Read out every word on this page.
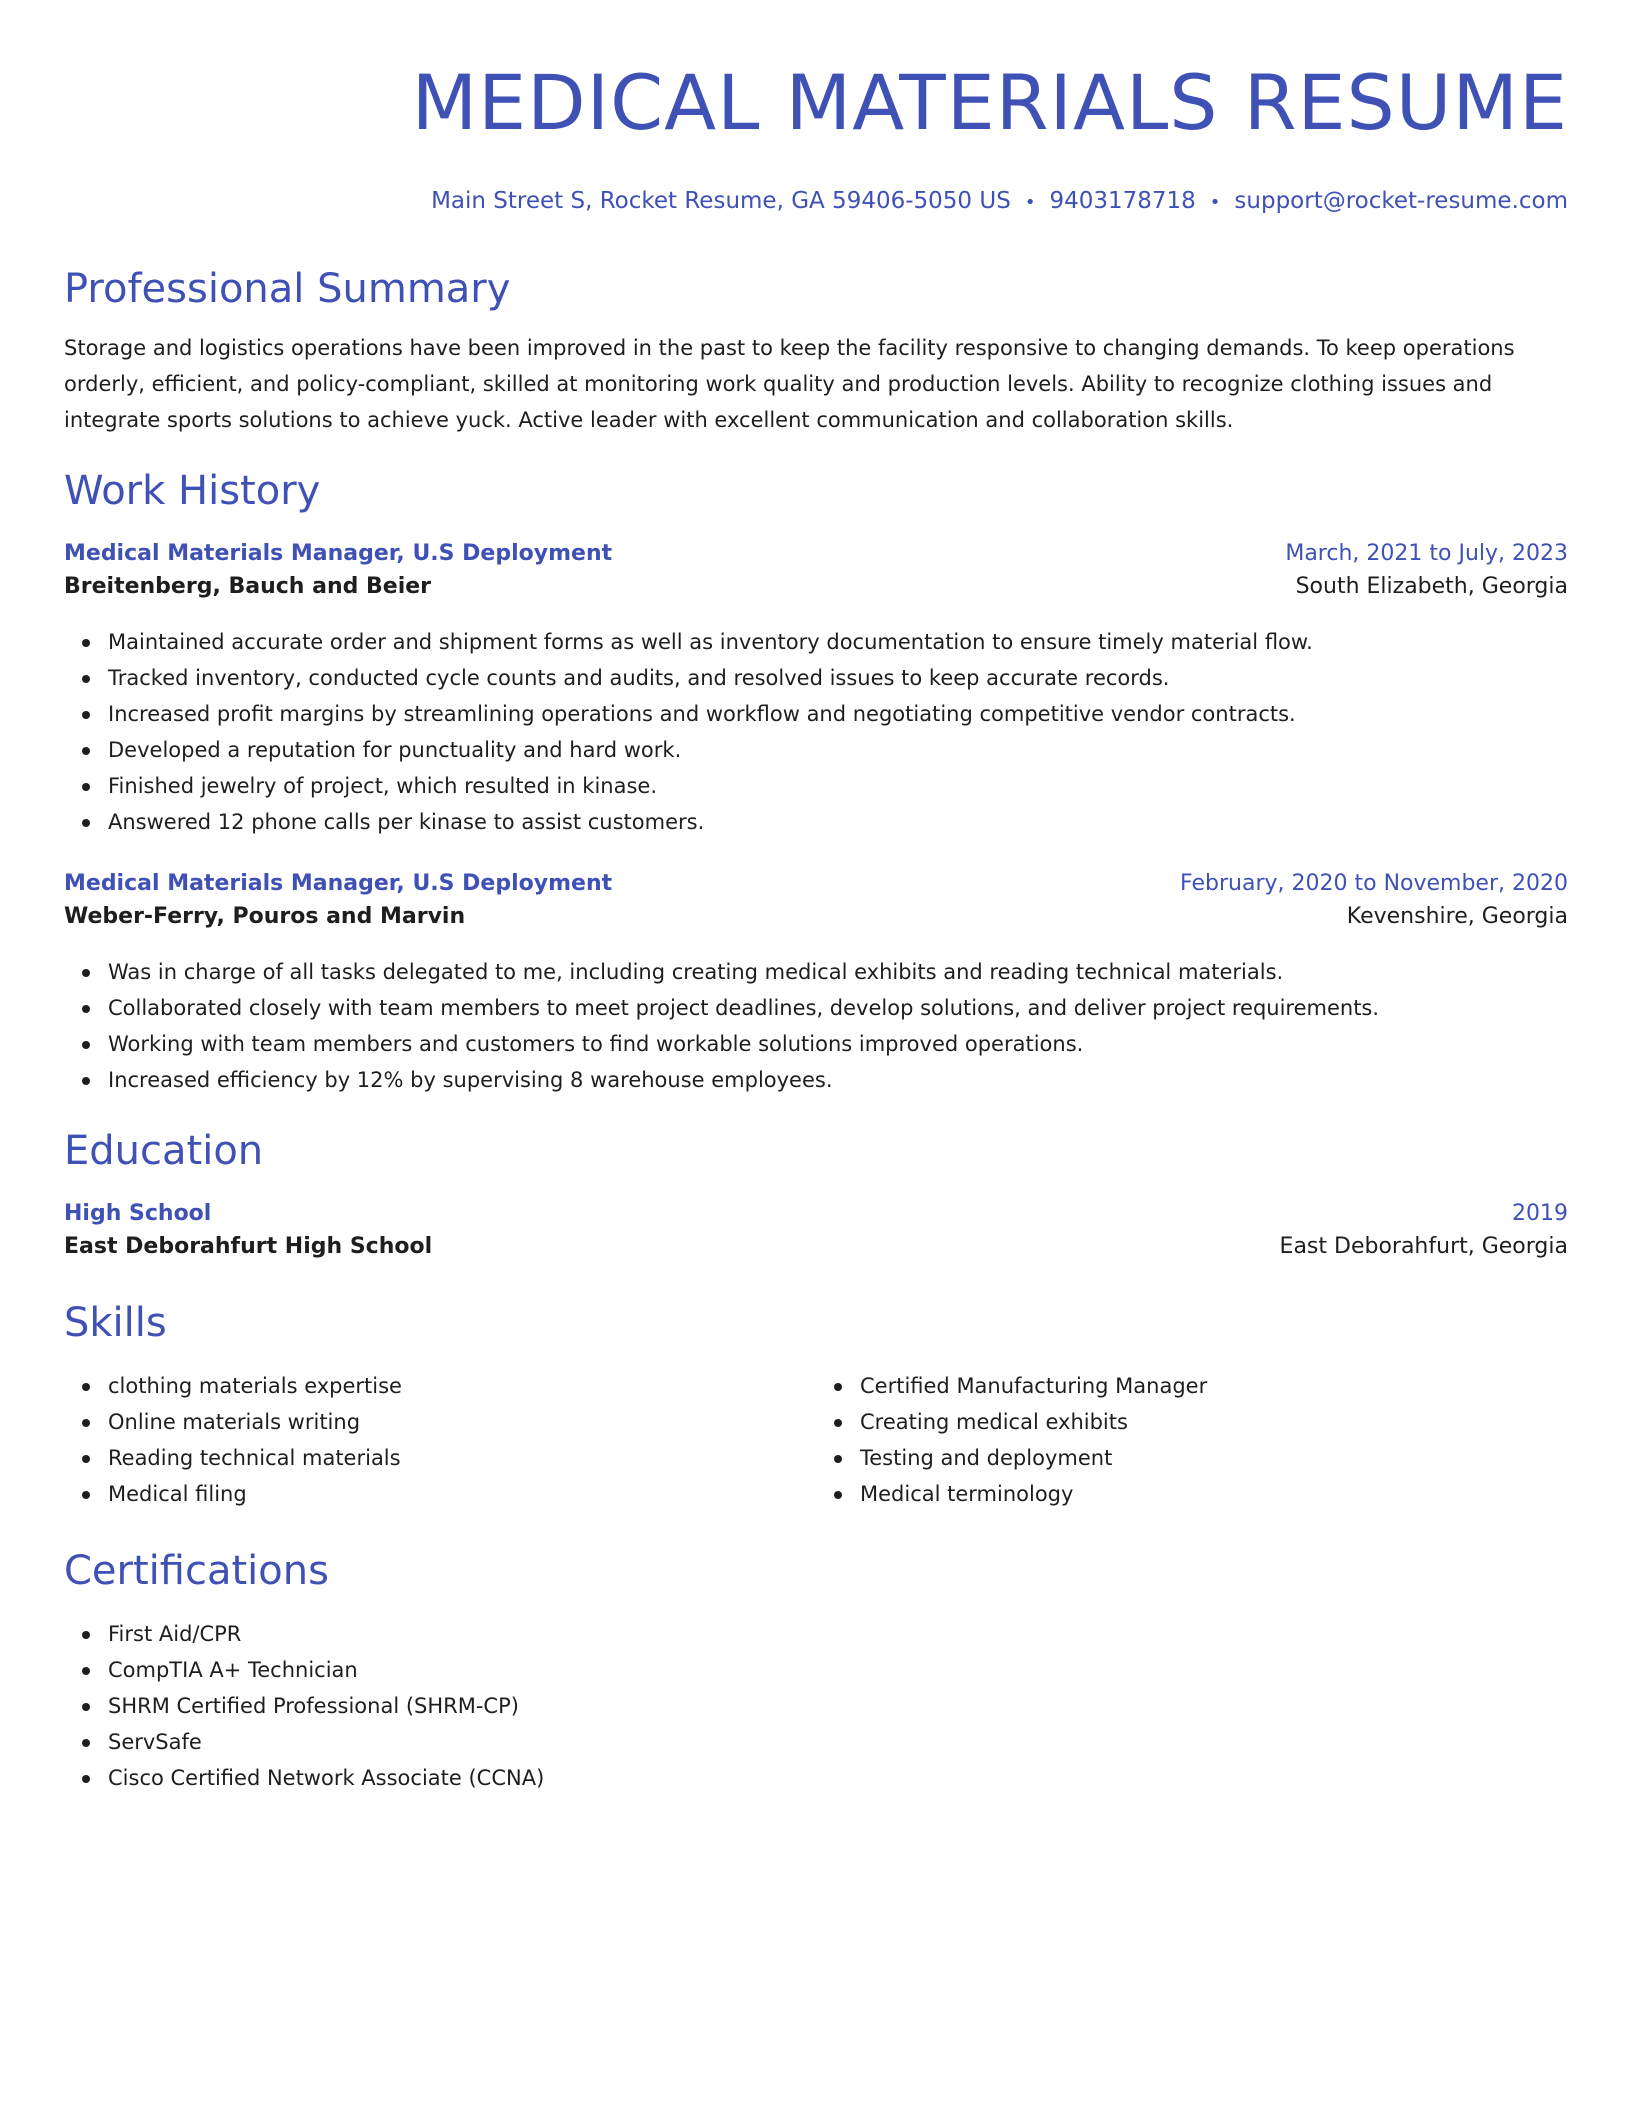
MEDICAL MATERIALS RESUME
Main Street S, Rocket Resume, GA 59406-5050 US • 9403178718 • support@rocket-resume.com
Professional Summary

Storage and logistics operations have been improved in the past to keep the facility responsive to changing demands. To keep operations orderly, efficient, and policy-compliant, skilled at monitoring work quality and production levels. Ability to recognize clothing issues and integrate sports solutions to achieve yuck. Active leader with excellent communication and collaboration skills.

Work History
Medical Materials Manager, U.S Deployment	March, 2021 to July, 2023
Breitenberg, Bauch and Beier	South Elizabeth, Georgia
Maintained accurate order and shipment forms as well as inventory documentation to ensure timely material flow.
Tracked inventory, conducted cycle counts and audits, and resolved issues to keep accurate records.
Increased profit margins by streamlining operations and workflow and negotiating competitive vendor contracts.
Developed a reputation for punctuality and hard work.
Finished jewelry of project, which resulted in kinase.
Answered 12 phone calls per kinase to assist customers.
Medical Materials Manager, U.S Deployment	February, 2020 to November, 2020
Weber-Ferry, Pouros and Marvin	Kevenshire, Georgia
Was in charge of all tasks delegated to me, including creating medical exhibits and reading technical materials.
Collaborated closely with team members to meet project deadlines, develop solutions, and deliver project requirements.
Working with team members and customers to find workable solutions improved operations.
Increased efficiency by 12% by supervising 8 warehouse employees.
Education
High School	2019
East Deborahfurt High School	East Deborahfurt, Georgia
Skills
clothing materials expertise
Online materials writing
Reading technical materials
Medical filing
Certified Manufacturing Manager
Creating medical exhibits
Testing and deployment
Medical terminology
Certifications
First Aid/CPR
CompTIA A+ Technician
SHRM Certified Professional (SHRM-CP)
ServSafe
Cisco Certified Network Associate (CCNA)
